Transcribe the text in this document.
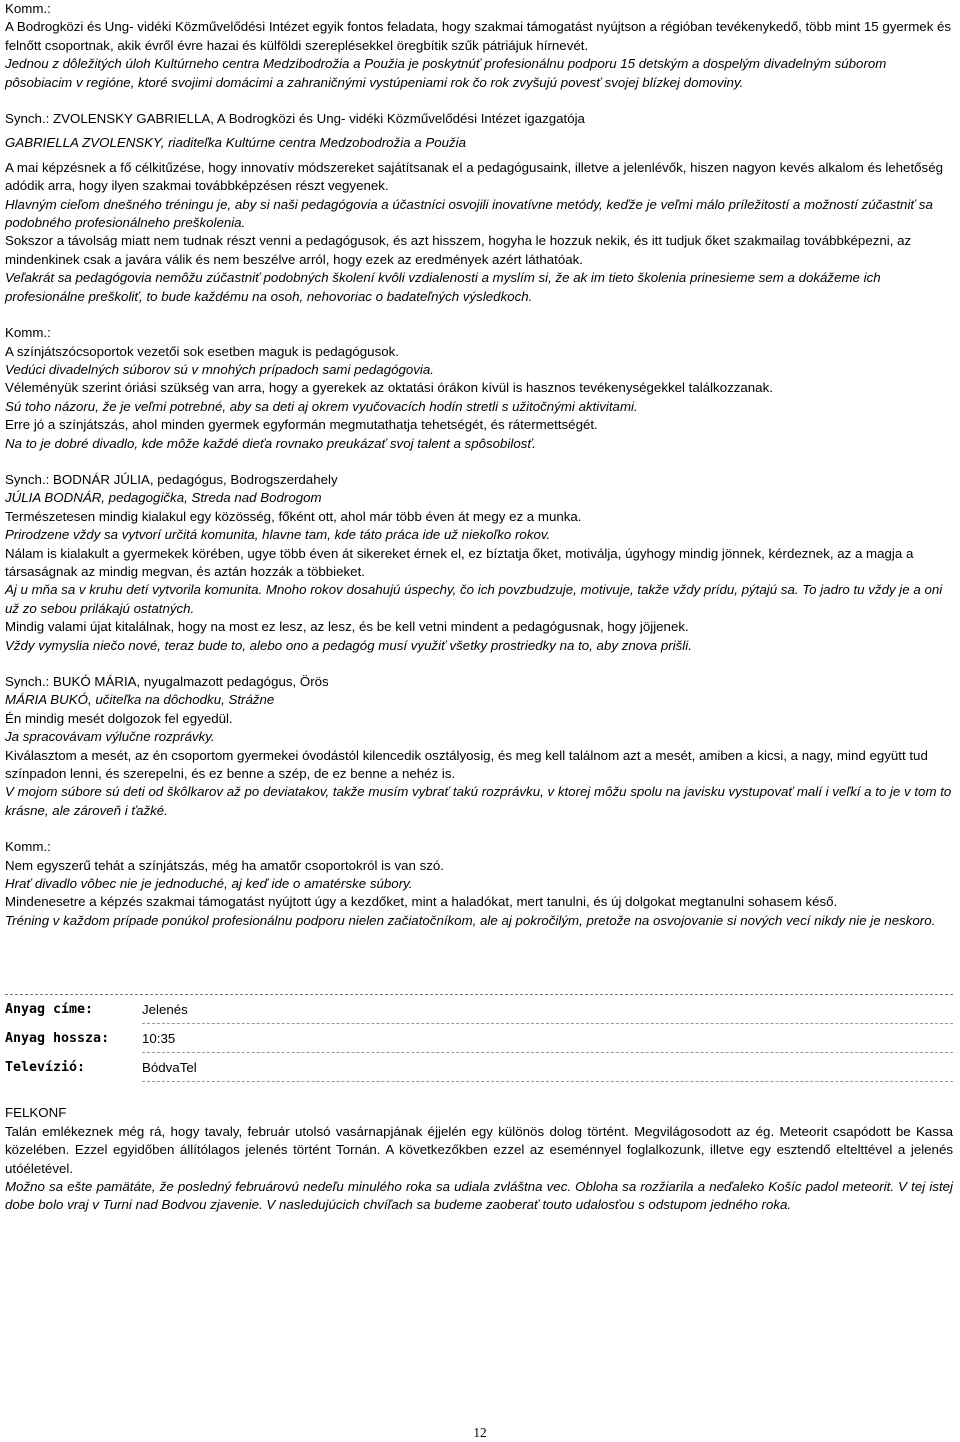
Komm.:

A Bodrogközi és Ung- vidéki Közművelődési Intézet egyik fontos feladata, hogy szakmai támogatást nyújtson a régióban tevékenykedő, több mint 15 gyermek és felnőtt csoportnak, akik évről évre hazai és külföldi szereplésekkel öregbítik szűk pátriájuk hírnevét.

Jednou z dôležitých úloh Kultúrneho centra Medzibodrožia a Použia je poskytnúť profesionálnu podporu 15 detským a dospelým divadelným súborom pôsobiacim v regióne, ktoré svojimi domácimi a zahraničnými vystúpeniami rok čo rok zvyšujú povesť svojej blízkej domoviny.

Synch.: ZVOLENSKY GABRIELLA, A Bodrogközi és Ung- vidéki Közművelődési Intézet igazgatója

GABRIELLA ZVOLENSKY, riaditeľka Kultúrne centra Medzobodrožia a Použia

A mai képzésnek a fő célkitűzése, hogy innovatív módszereket sajátítsanak el a pedagógusaink, illetve a jelenlévők, hiszen nagyon kevés alkalom és lehetőség adódik arra, hogy ilyen szakmai továbbképzésen részt vegyenek.

Hlavným cieľom dnešného tréningu je, aby si naši pedagógovia a účastníci osvojili inovatívne metódy, keďže je veľmi málo príležitostí a možností zúčastniť sa podobného profesionálneho preškolenia.

Sokszor a távolság miatt nem tudnak részt venni a pedagógusok, és azt hisszem, hogyha le hozzuk nekik, és itt tudjuk őket szakmailag továbbképezni, az mindenkinek csak a javára válik és nem beszélve arról, hogy ezek az eredmények azért láthatóak.

Veľakrát sa pedagógovia nemôžu zúčastniť podobných školení kvôli vzdialenosti a myslím si, že ak im tieto školenia prinesieme sem a dokážeme ich profesionálne preškoliť, to bude každému na osoh, nehovoriac o badateľných výsledkoch.

Komm.:

A színjátszócsoportok vezetői sok esetben maguk is pedagógusok.

Vedúci divadelných súborov sú v mnohých prípadoch sami pedagógovia.

Véleményük szerint óriási szükség van arra, hogy a gyerekek az oktatási órákon kívül is hasznos tevékenységekkel találkozzanak.

Sú toho názoru, že je veľmi potrebné, aby sa deti aj okrem vyučovacích hodín stretli s užitočnými aktivitami.

Erre jó a színjátszás, ahol minden gyermek egyformán megmutathatja tehetségét, és rátermettségét.

Na to je dobré divadlo, kde môže každé dieťa rovnako preukázať svoj talent a spôsobilosť.

Synch.: BODNÁR JÚLIA, pedagógus, Bodrogszerdahely

JÚLIA BODNÁR, pedagogička, Streda nad Bodrogom

Természetesen mindig kialakul egy közösség, főként ott, ahol már több éven át megy ez a munka.

Prirodzene vždy sa vytvorí určitá komunita, hlavne tam, kde táto práca ide už niekoľko rokov.

Nálam is kialakult a gyermekek körében, ugye több éven át sikereket érnek el, ez bíztatja őket, motiválja, úgyhogy mindig jönnek, kérdeznek, az a magja a társaságnak az mindig megvan, és aztán hozzák a többieket.

Aj u mňa sa v kruhu detí vytvorila komunita. Mnoho rokov dosahujú úspechy, čo ich povzbudzuje, motivuje, takže vždy prídu, pýtajú sa. To jadro tu vždy je a oni už zo sebou prilákajú ostatných.

Mindig valami újat kitalálnak, hogy na most ez lesz, az lesz, és be kell vetni mindent a pedagógusnak, hogy jöjjenek.

Vždy vymyslia niečo nové, teraz bude to, alebo ono a pedagóg musí využiť všetky prostriedky na to, aby znova prišli.

Synch.: BUKÓ MÁRIA, nyugalmazott pedagógus, Örös

MÁRIA BUKÓ, učiteľka na dôchodku, Strážne

Én mindig mesét dolgozok fel egyedül.

Ja spracovávam výlučne rozprávky.

Kiválasztom a mesét, az én csoportom gyermekei óvodástól kilencedik osztályosig, és meg kell találnom azt a mesét, amiben a kicsi, a nagy, mind együtt tud színpadon lenni, és szerepelni, és ez benne a szép, de ez benne a nehéz is.

V mojom súbore sú deti od škôlkarov až po deviatakov, takže musím vybrať takú rozprávku, v ktorej môžu spolu na javisku vystupovať malí i veľkí a to je v tom to krásne, ale zároveň i ťažké.

Komm.:

Nem egyszerű tehát a színjátszás, még ha amatőr csoportokról is van szó.

Hrať divadlo vôbec nie je jednoduché, aj keď ide o amatérske súbory.

Mindenesetre a képzés szakmai támogatást nyújtott úgy a kezdőket, mint a haladókat, mert tanulni, és új dolgokat megtanulni sohasem késő.

Tréning v každom prípade ponúkol profesionálnu podporu nielen začiatočníkom, ale aj pokročilým, pretože na osvojovanie si nových vecí nikdy nie je neskoro.

Anyag címe:	Jelenés
Anyag hossza:	10:35
Televízió:	BódvaTel

FELKONF

Talán emlékeznek még rá, hogy tavaly, február utolsó vasárnapjának éjjelén egy különös dolog történt. Megvilágosodott az ég. Meteorit csapódott be Kassa közelében. Ezzel egyidőben állítólagos jelenés történt Tornán. A következőkben ezzel az eseménnyel foglalkozunk, illetve egy esztendő eltelttével a jelenés utóéletével.

Možno sa ešte pamätáte, že posledný februárovú nedeľu minulého roka sa udiala zvláštna vec. Obloha sa rozžiarila a neďaleko Košíc padol meteorit. V tej istej dobe bolo vraj v Turni nad Bodvou zjavenie. V nasledujúcich chvíľach sa budeme zaoberať touto udalosťou s odstupom jedného roka.

12
